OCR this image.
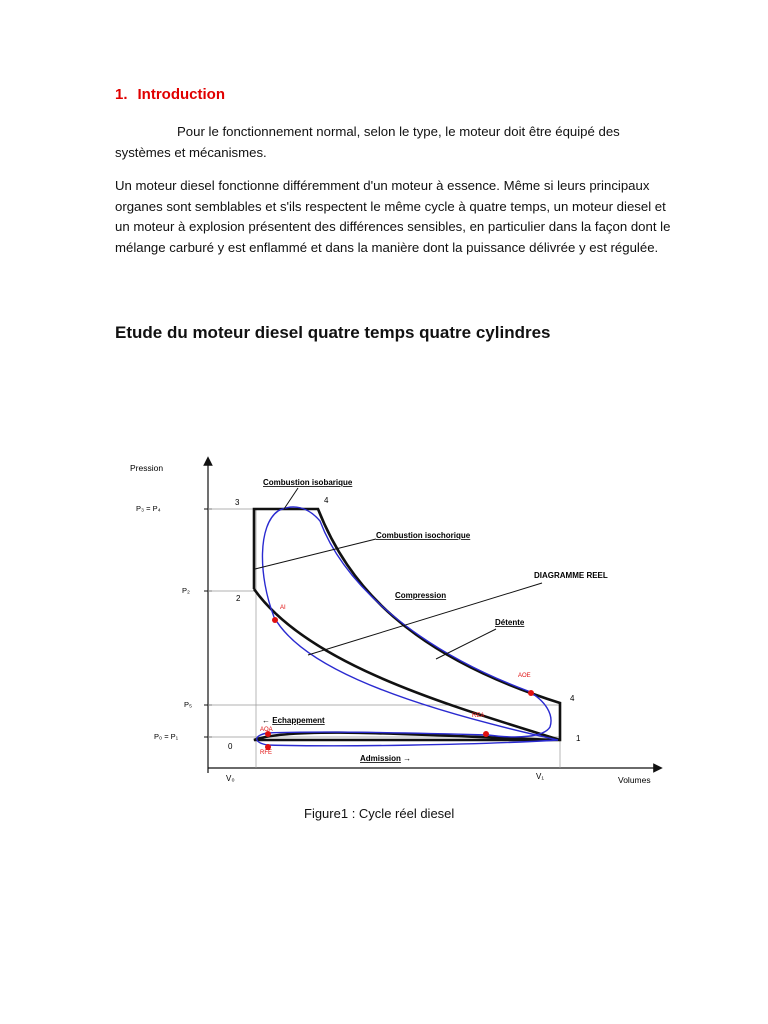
1. Introduction
Pour le fonctionnement normal, selon le type, le moteur doit être équipé des systèmes et mécanismes.
Un moteur diesel fonctionne différemment d'un moteur à essence. Même si leurs principaux organes sont semblables et s'ils respectent le même cycle à quatre temps, un moteur diesel et un moteur à explosion présentent des différences sensibles, en particulier dans la façon dont le mélange carburé y est enflammé et dans la manière dont la puissance délivrée y est régulée.
Etude du moteur diesel quatre temps quatre cylindres
Pression
Volumes
P₃ = P₄
P₂
P₅
P₀ = P₁
V₀	V₁
3	4
2
4
1
0
AI
AOE
REA
AOA
RFE
Combustion isobarique
Combustion isochorique
DIAGRAMME REEL
Compression
Détente
← Echappement
Admission →
Figure1 : Cycle réel diesel
